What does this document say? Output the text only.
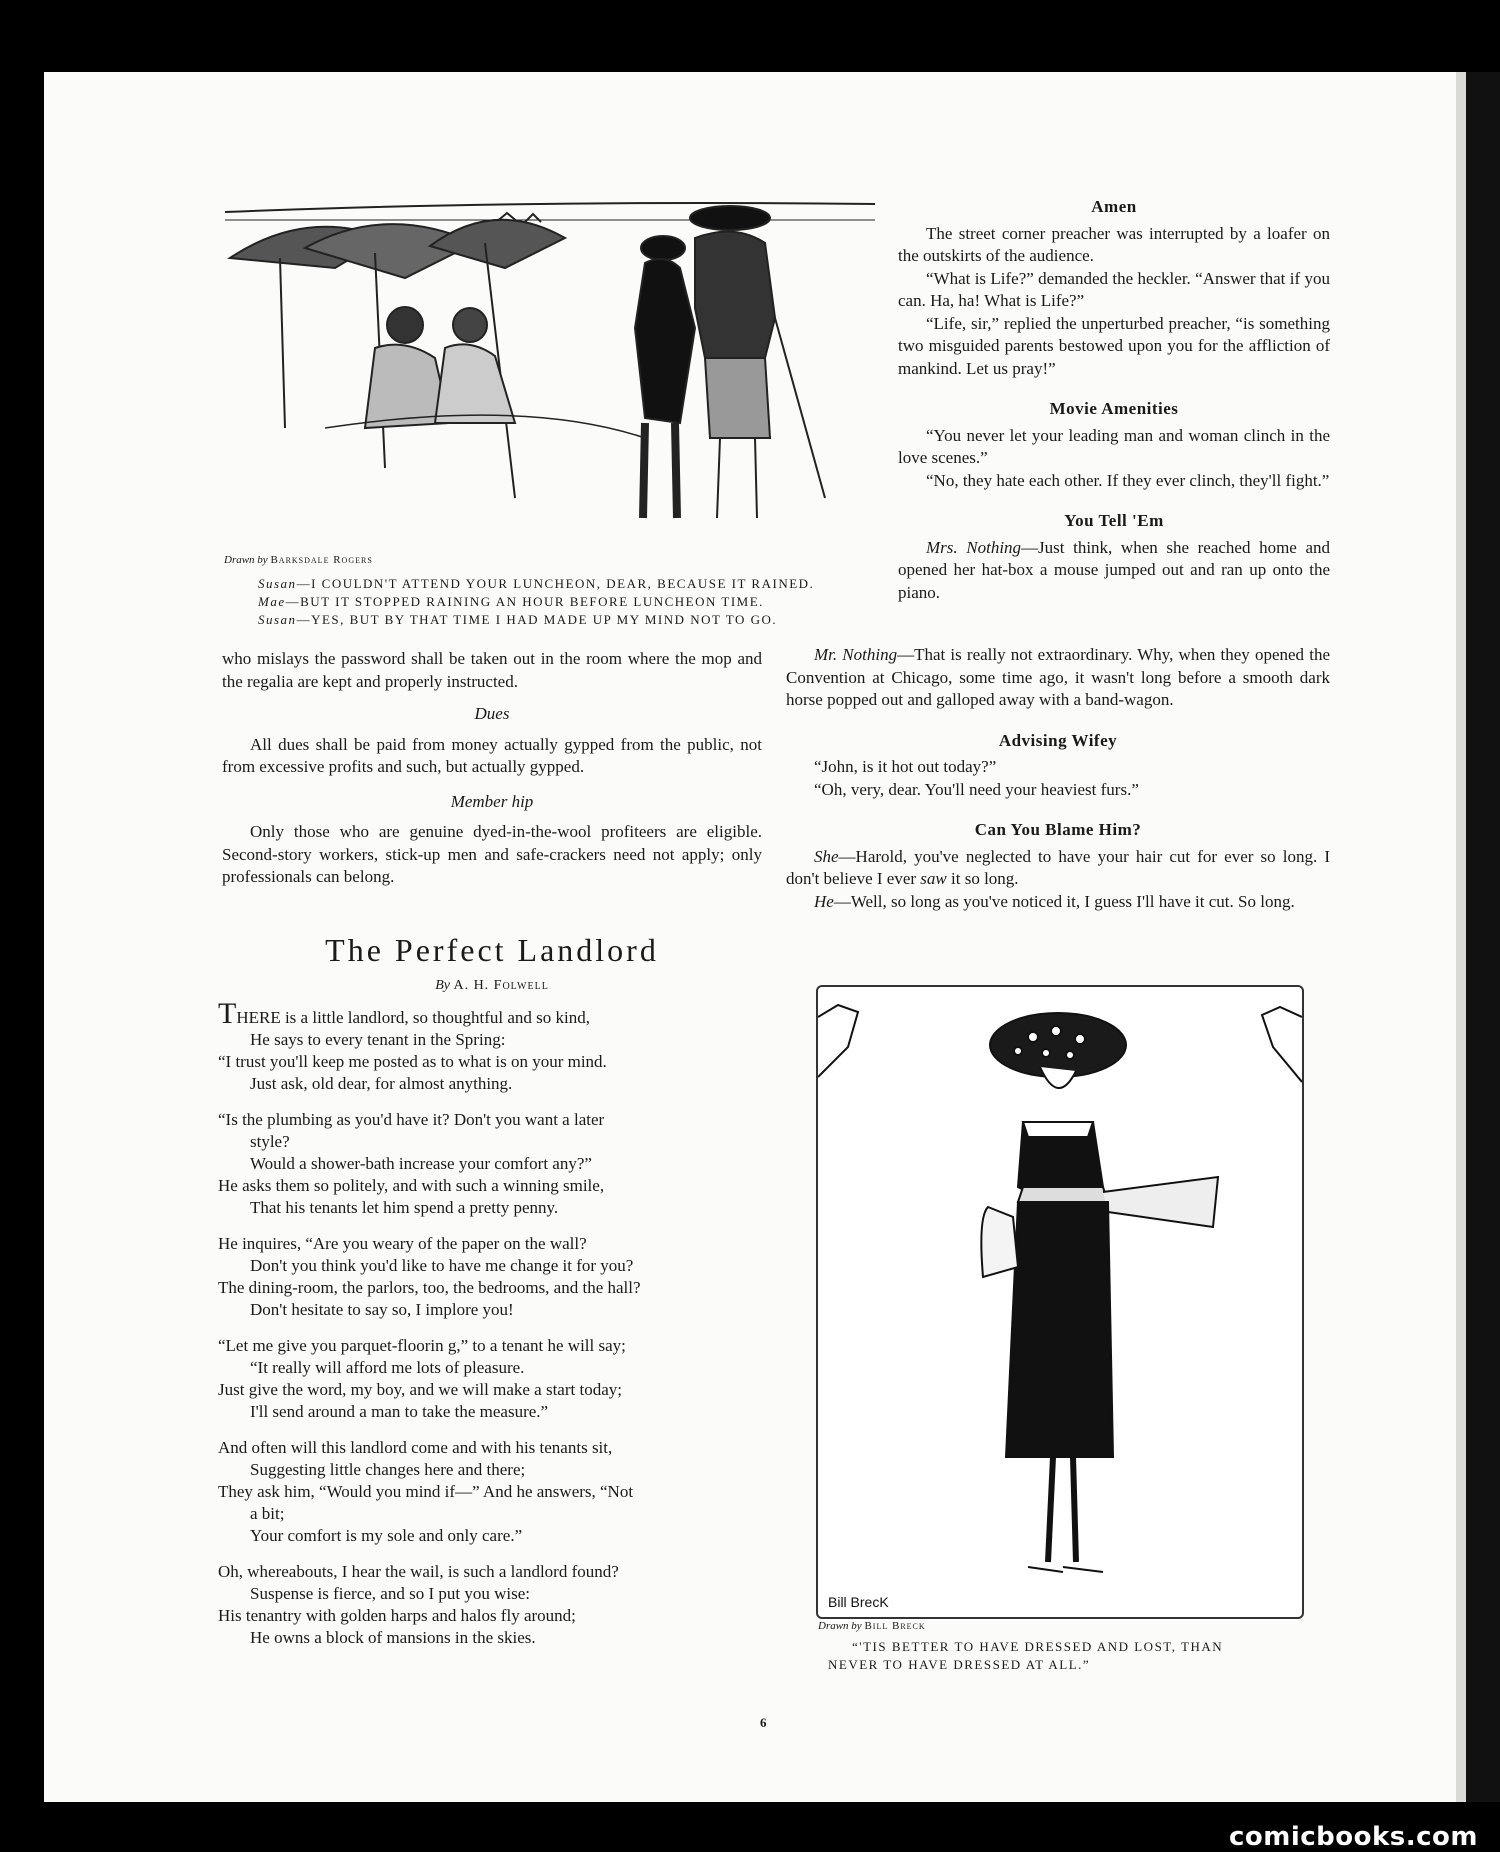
Drawn by Barksdale Rogers

Susan—I COULDN'T ATTEND YOUR LUNCHEON, DEAR, BECAUSE IT RAINED.

Mae—BUT IT STOPPED RAINING AN HOUR BEFORE LUNCHEON TIME.

Susan—YES, BUT BY THAT TIME I HAD MADE UP MY MIND NOT TO GO.

who mislays the password shall be taken out in the room where the mop and the regalia are kept and properly instructed.

Dues

All dues shall be paid from money actually gypped from the public, not from excessive profits and such, but actually gypped.

Member hip

Only those who are genuine dyed-in-the-wool profiteers are eligible. Second-story workers, stick-up men and safe-crackers need not apply; only professionals can belong.

The Perfect Landlord
By A. H. Folwell

THERE is a little landlord, so thoughtful and so kind,

He says to every tenant in the Spring:

“I trust you'll keep me posted as to what is on your mind.

Just ask, old dear, for almost anything.

“Is the plumbing as you'd have it? Don't you want a later

style?

Would a shower-bath increase your comfort any?”

He asks them so politely, and with such a winning smile,

That his tenants let him spend a pretty penny.

He inquires, “Are you weary of the paper on the wall?

Don't you think you'd like to have me change it for you?

The dining-room, the parlors, too, the bedrooms, and the hall?

Don't hesitate to say so, I implore you!

“Let me give you parquet-floorin g,” to a tenant he will say;

“It really will afford me lots of pleasure.

Just give the word, my boy, and we will make a start today;

I'll send around a man to take the measure.”

And often will this landlord come and with his tenants sit,

Suggesting little changes here and there;

They ask him, “Would you mind if—” And he answers, “Not

a bit;

Your comfort is my sole and only care.”

Oh, whereabouts, I hear the wail, is such a landlord found?

Suspense is fierce, and so I put you wise:

His tenantry with golden harps and halos fly around;

He owns a block of mansions in the skies.

Amen

The street corner preacher was interrupted by a loafer on the outskirts of the audience.

“What is Life?” demanded the heckler. “Answer that if you can. Ha, ha! What is Life?”

“Life, sir,” replied the unperturbed preacher, “is something two misguided parents bestowed upon you for the affliction of mankind. Let us pray!”

Movie Amenities

“You never let your leading man and woman clinch in the love scenes.”

“No, they hate each other. If they ever clinch, they'll fight.”

You Tell 'Em

Mrs. Nothing—Just think, when she reached home and opened her hat-box a mouse jumped out and ran up onto the piano.

Mr. Nothing—That is really not extraordinary. Why, when they opened the Convention at Chicago, some time ago, it wasn't long before a smooth dark horse popped out and galloped away with a band-wagon.

Advising Wifey

“John, is it hot out today?”

“Oh, very, dear. You'll need your heaviest furs.”

Can You Blame Him?

She—Harold, you've neglected to have your hair cut for ever so long. I don't believe I ever saw it so long.

He—Well, so long as you've noticed it, I guess I'll have it cut. So long.

Bill BrecK
Drawn by Bill Breck

“'TIS BETTER TO HAVE DRESSED AND LOST, THAN

NEVER TO HAVE DRESSED AT ALL.”

6
comicbooks.com
